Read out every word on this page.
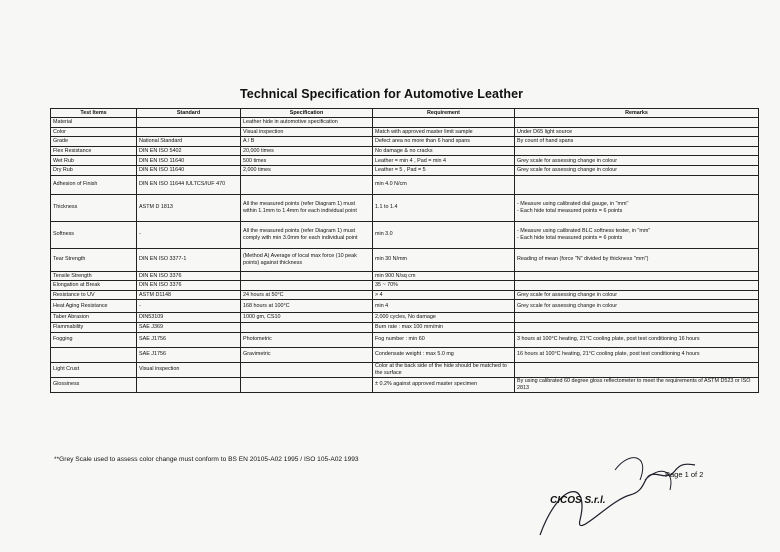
Technical Specification for Automotive Leather
Test Items	Standard	Specification	Requirement	Remarks
Material		Leather hide in automotive specification		
Color		Visual inspection	Match with approved master limit sample	Under D65 light source
Grade	National Standard	A / B	Defect area no more than 6 hand spans	By count of hand spans
Flex Resistance	DIN EN ISO 5402	20,000 times	No damage & no cracks	
Wet Rub	DIN EN ISO 11640	500 times	Leather = min 4 , Pad = min 4	Grey scale for assessing change in colour
Dry Rub	DIN EN ISO 11640	2,000 times	Leather = 5 , Pad = 5	Grey scale for assessing change in colour
Adhesion of Finish	DIN EN ISO 11644 IULTCS/IUF 470		min 4.0 N/cm	
Thickness	ASTM D 1813	All the measured points (refer Diagram 1) must within 1.1mm to 1.4mm for each individual point	1.1 to 1.4	- Measure using calibrated dial gauge, in "mm"
- Each hide total measured points = 6 points
Softness	-	All the measured points (refer Diagram 1) must comply with min 3.0mm for each individual point	min 3.0	- Measure using calibrated BLC softness tester, in "mm"
- Each hide total measured points = 6 points
Tear Strength	DIN EN ISO 3377-1	(Method A) Average of local max force (10 peak points) against thickness	min 30 N/mm	Reading of mean (force "N" divided by thickness "mm")
Tensile Strength	DIN EN ISO 3376		min 900 N/sq cm	
Elongation at Break	DIN EN ISO 3376		35 ~ 70%	
Resistance to UV	ASTM D1148	24 hours at 50°C	> 4	Grey scale for assessing change in colour
Heat Aging Resistance	-	168 hours at 100°C	min 4	Grey scale for assessing change in colour
Taber Abrasion	DIN53109	1000 gm, CS10	2,000 cycles, No damage	
Flammability	SAE J369		Burn rate : max 100 mm/min	
Fogging	SAE J1756	Photometric	Fog number : min 60	3 hours at 100°C heating, 21°C cooling plate, post test conditioning 16 hours
	SAE J1756	Gravimetric	Condensate weight : max 5.0 mg	16 hours at 100°C heating, 21°C cooling plate, post test conditioning 4 hours
Light Crust	Visual inspection		Color at the back side of the hide should be matched to the surface	
Glossiness			± 0.2% against approved master specimen	By using calibrated 60 degree gloss reflectometer to meet the requirements of ASTM D523 or ISO 2813
**Grey Scale used to assess color change must conform to BS EN 20105-A02 1995 / ISO 105-A02 1993
Page 1 of 2
CICOS S.r.l.
